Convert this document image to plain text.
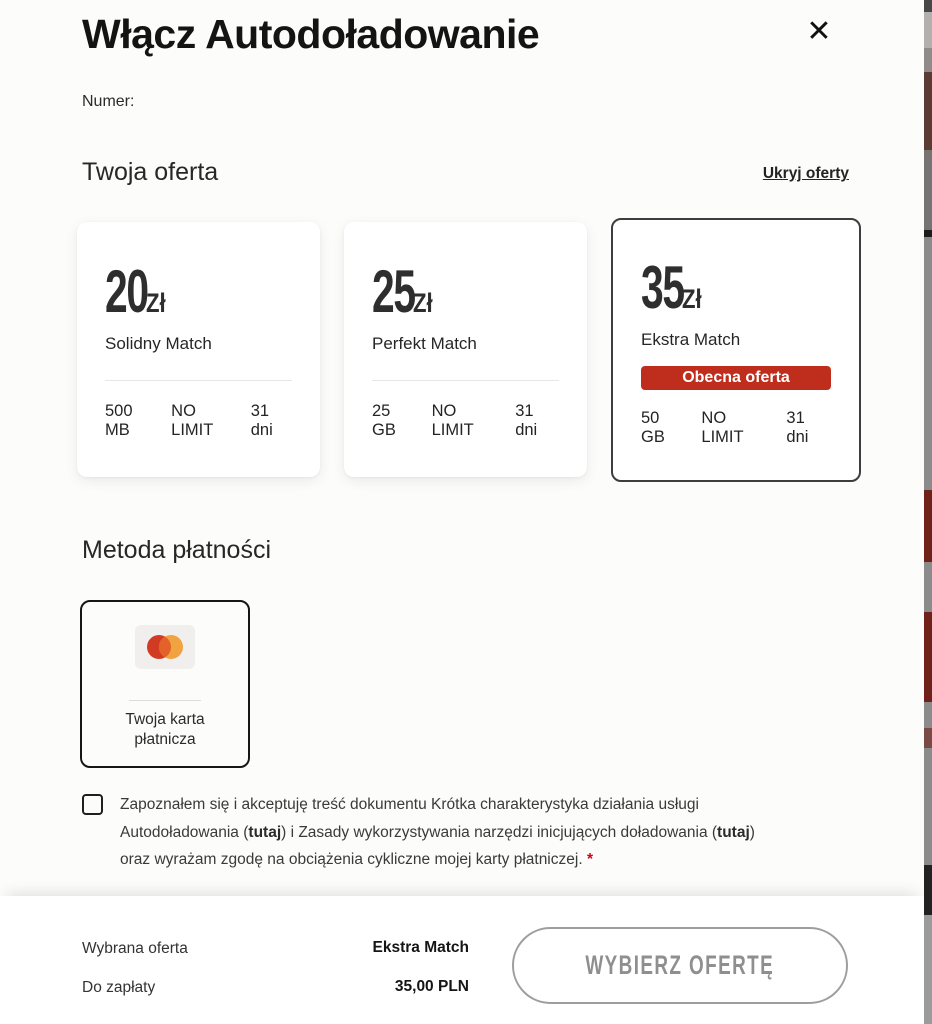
Włącz Autodoładowanie	✕
Numer:
Twoja oferta	Ukryj oferty
20
Zł
Solidny Match
500 MB
NO LIMIT
31 dni
25
Zł
Perfekt Match
25 GB
NO LIMIT
31 dni
35
Zł
Ekstra Match
Obecna oferta
50 GB
NO LIMIT
31 dni
Metoda płatności
Twoja karta
płatnicza
Zapoznałem się i akceptuję treść dokumentu Krótka charakterystyka działania usługi
Autodoładowania (tutaj) i Zasady wykorzystywania narzędzi inicjujących doładowania (tutaj)
oraz wyrażam zgodę na obciążenia cykliczne mojej karty płatniczej. *
Wybrana oferta
Do zapłaty
Ekstra Match
35,00 PLN
WYBIERZ OFERTĘ
